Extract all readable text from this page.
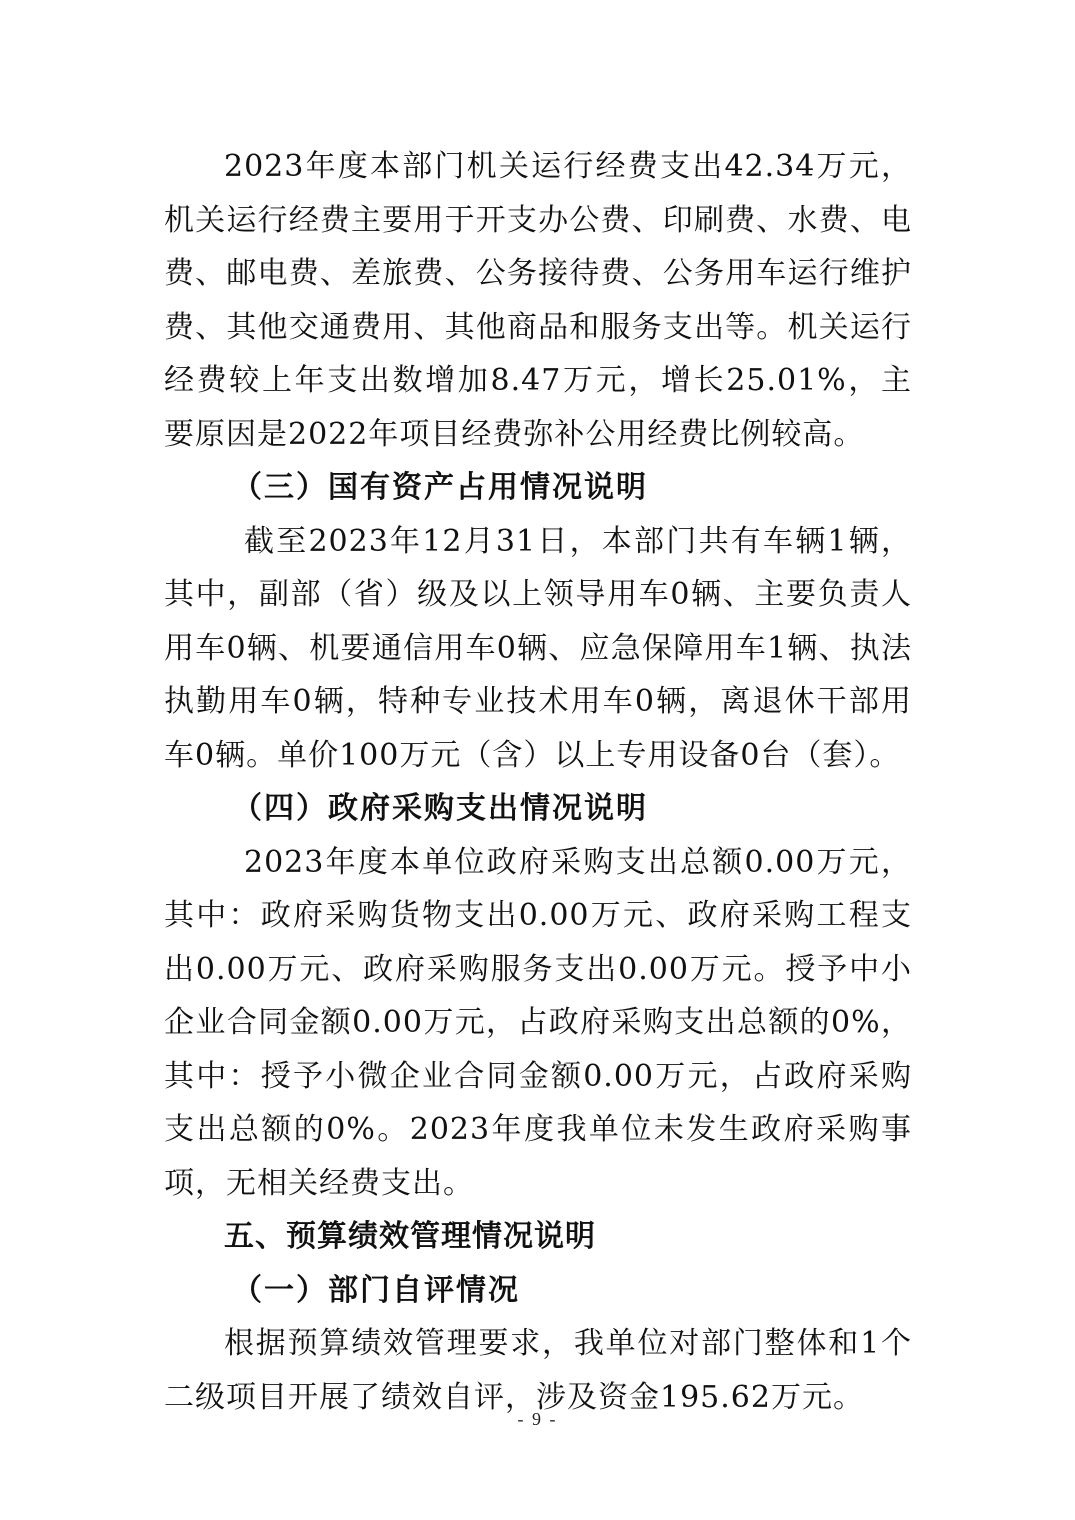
2023年度本部门机关运行经费支出42.34万元，机关运行经费主要用于开支办公费、印刷费、水费、电费、邮电费、差旅费、公务接待费、公务用车运行维护费、其他交通费用、其他商品和服务支出等。机关运行经费较上年支出数增加8.47万元，增长25.01%，主要原因是2022年项目经费弥补公用经费比例较高。

（三）国有资产占用情况说明

截至2023年12月31日，本部门共有车辆1辆，其中，副部（省）级及以上领导用车0辆、主要负责人用车0辆、机要通信用车0辆、应急保障用车1辆、执法执勤用车0辆，特种专业技术用车0辆，离退休干部用车0辆。单价100万元（含）以上专用设备0台（套）。

（四）政府采购支出情况说明

2023年度本单位政府采购支出总额0.00万元，其中：政府采购货物支出0.00万元、政府采购工程支出0.00万元、政府采购服务支出0.00万元。授予中小企业合同金额0.00万元，占政府采购支出总额的0%，其中：授予小微企业合同金额0.00万元，占政府采购支出总额的0%。2023年度我单位未发生政府采购事项，无相关经费支出。

五、预算绩效管理情况说明

（一）部门自评情况

根据预算绩效管理要求，我单位对部门整体和1个二级项目开展了绩效自评，涉及资金195.62万元。

- 9 -
